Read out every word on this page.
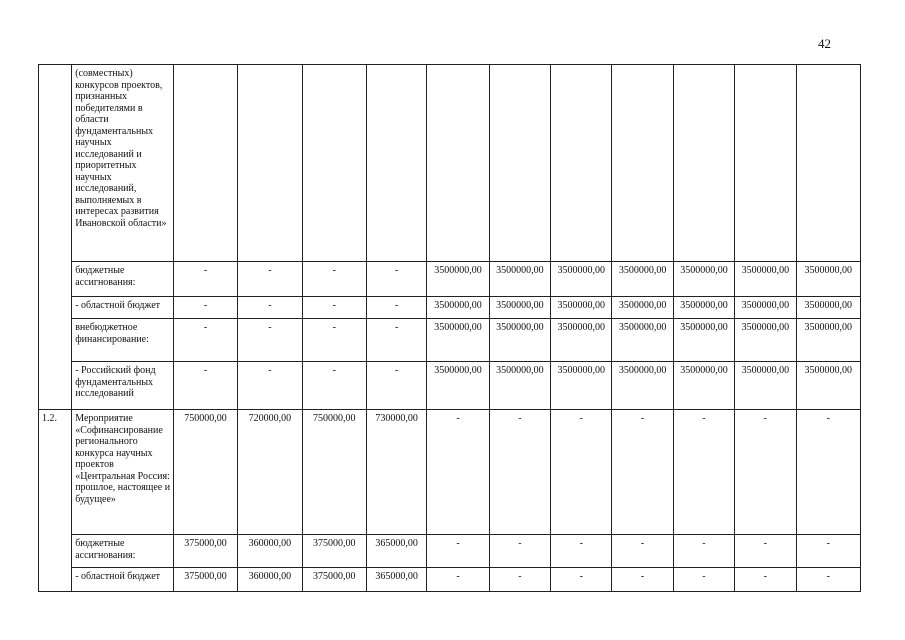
42
	(совместных) конкурсов проектов, признанных победителями в области фундаментальных научных исследований и приоритетных научных исследований, выполняемых в интересах развития Ивановской области»											
	бюджетные ассигнования:	-	-	-	-	3500000,00	3500000,00	3500000,00	3500000,00	3500000,00	3500000,00	3500000,00
	- областной бюджет	-	-	-	-	3500000,00	3500000,00	3500000,00	3500000,00	3500000,00	3500000,00	3500000,00
	внебюджетное финансирование:	-	-	-	-	3500000,00	3500000,00	3500000,00	3500000,00	3500000,00	3500000,00	3500000,00
	- Российский фонд фундаментальных исследований	-	-	-	-	3500000,00	3500000,00	3500000,00	3500000,00	3500000,00	3500000,00	3500000,00
1.2.	Мероприятие «Софинансирование регионального конкурса научных проектов «Центральная Россия: прошлое, настоящее и будущее»	750000,00	720000,00	750000,00	730000,00	-	-	-	-	-	-	-
	бюджетные ассигнования:	375000,00	360000,00	375000,00	365000,00	-	-	-	-	-	-	-
	- областной бюджет	375000,00	360000,00	375000,00	365000,00	-	-	-	-	-	-	-
